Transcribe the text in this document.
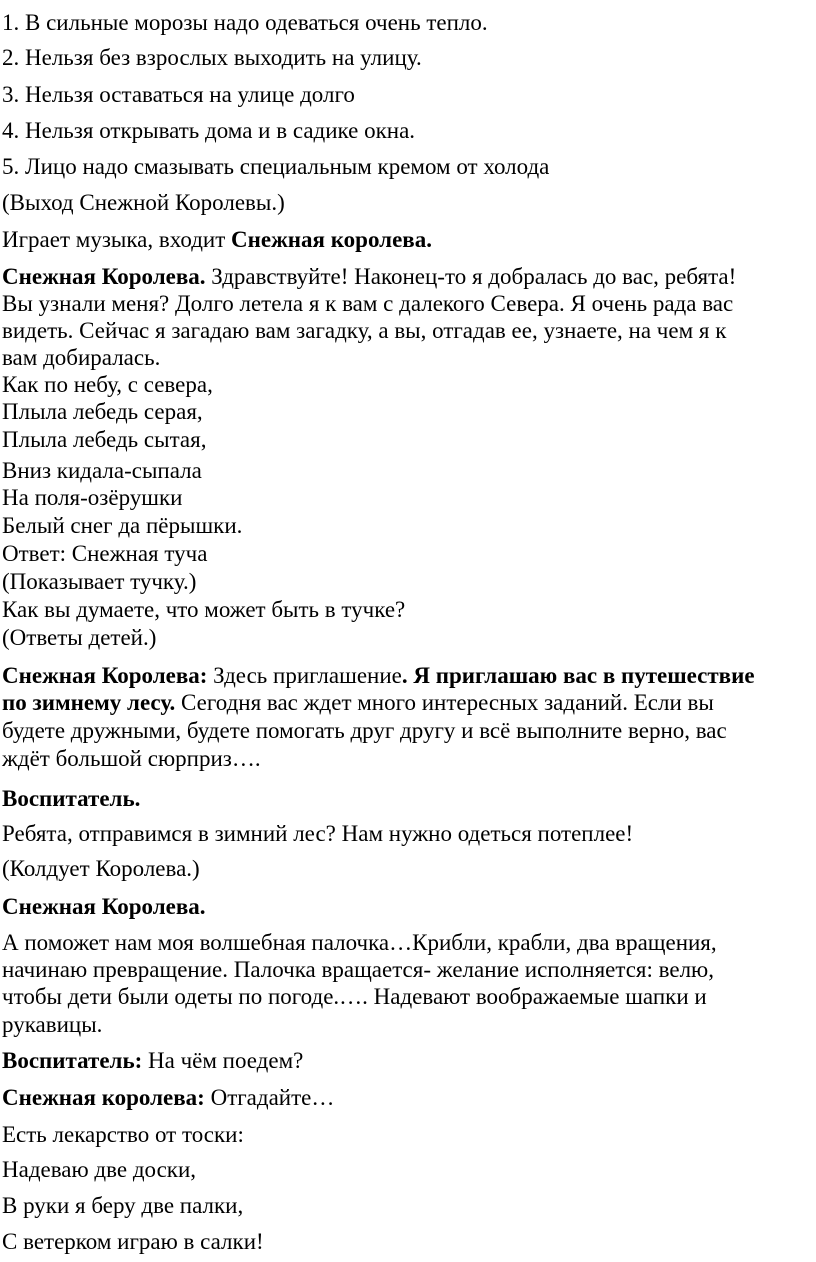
1. В сильные морозы надо одеваться очень тепло.
2. Нельзя без взрослых выходить на улицу.
3. Нельзя оставаться на улице долго
4. Нельзя открывать дома и в садике окна.
5. Лицо надо смазывать специальным кремом от холода
(Выход Снежной Королевы.)
Играет музыка, входит Снежная королева.
Снежная Королева. Здравствуйте! Наконец-то я добралась до вас, ребята!
Вы узнали меня? Долго летела я к вам с далекого Севера. Я очень рада вас
видеть. Сейчас я загадаю вам загадку, а вы, отгадав ее, узнаете, на чем я к
вам добиралась.
Как по небу, с севера,
Плыла лебедь серая,
Плыла лебедь сытая,
Вниз кидала-сыпала
На поля-озёрушки
Белый снег да пёрышки.
Ответ: Снежная туча
(Показывает тучку.)
Как вы думаете, что может быть в тучке?
(Ответы детей.)
Снежная Королева: Здесь приглашение. Я приглашаю вас в путешествие
по зимнему лесу. Сегодня вас ждет много интересных заданий. Если вы
будете дружными, будете помогать друг другу и всё выполните верно, вас
ждёт большой сюрприз….
Воспитатель.
Ребята, отправимся в зимний лес? Нам нужно одеться потеплее!
(Колдует Королева.)
Снежная Королева.
А поможет нам моя волшебная палочка…Крибли, крабли, два вращения,
начинаю превращение. Палочка вращается- желание исполняется: велю,
чтобы дети были одеты по погоде.…. Надевают воображаемые шапки и
рукавицы.
Воспитатель: На чём поедем?
Снежная королева: Отгадайте…
Есть лекарство от тоски:
Надеваю две доски,
В руки я беру две палки,
С ветерком играю в салки!
